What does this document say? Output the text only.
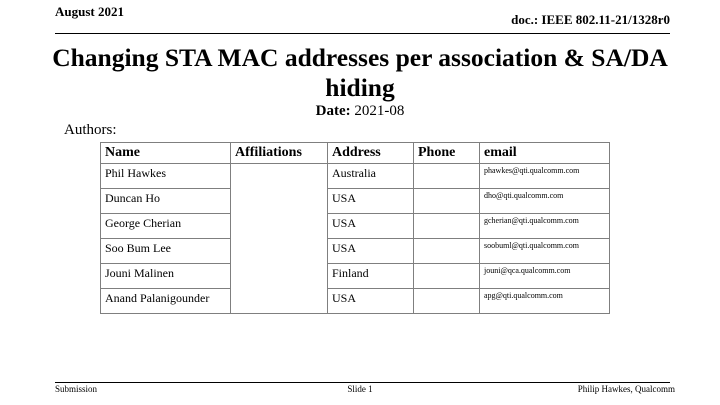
August 2021
doc.: IEEE 802.11-21/1328r0
Changing STA MAC addresses per association & SA/DA hiding
Date: 2021-08
Authors:
Name	Affiliations	Address	Phone	email
Phil Hawkes		Australia		phawkes@qti.qualcomm.com
Duncan Ho		USA		dho@qti.qualcomm.com
George Cherian		USA		gcherian@qti.qualcomm.com
Soo Bum Lee		USA		soobuml@qti.qualcomm.com
Jouni Malinen		Finland		jouni@qca.qualcomm.com
Anand Palanigounder		USA		apg@qti.qualcomm.com
Submission	Slide 1	Philip Hawkes, Qualcomm
